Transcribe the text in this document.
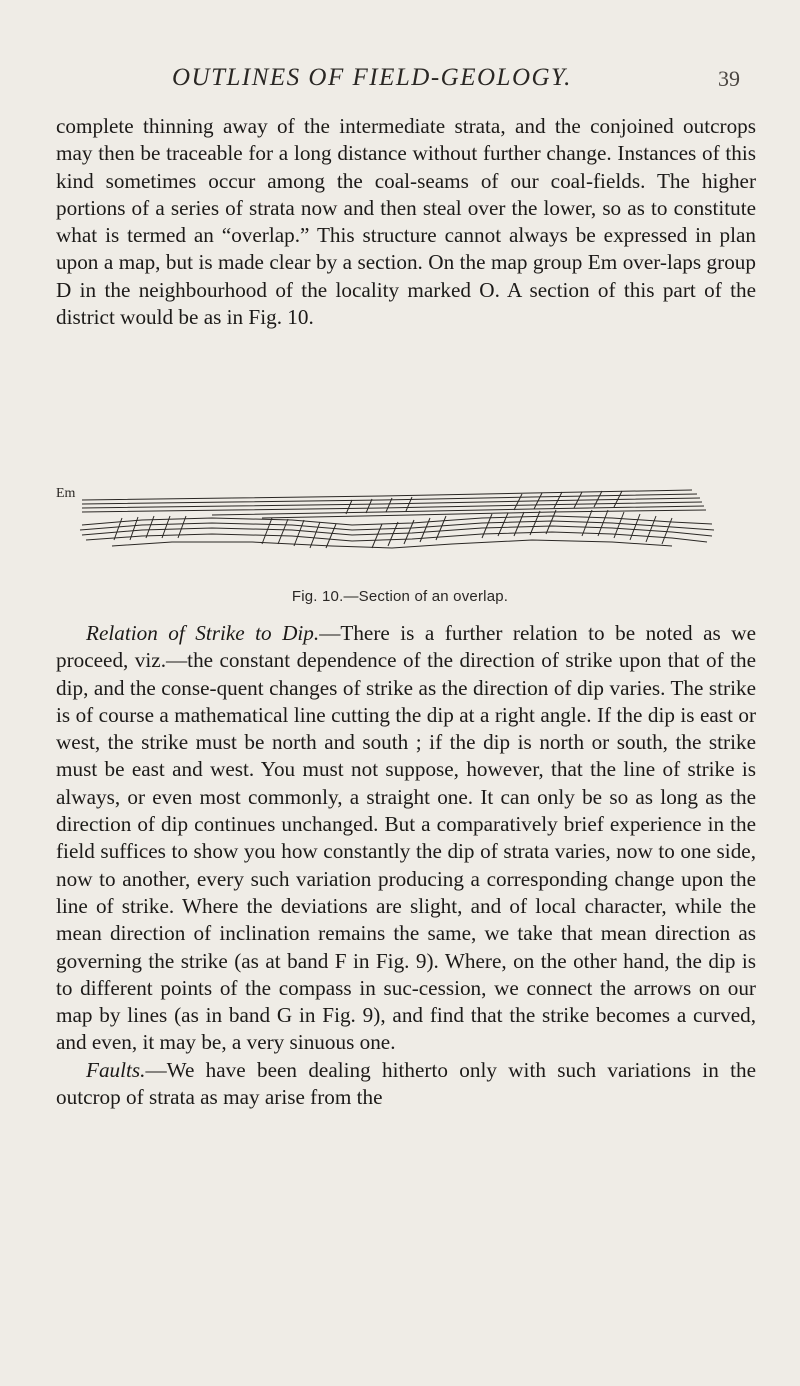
OUTLINES OF FIELD-GEOLOGY.	39

complete thinning away of the intermediate strata, and the conjoined outcrops may then be traceable for a long distance without further change. Instances of this kind sometimes occur among the coal-seams of our coal-fields. The higher portions of a series of strata now and then steal over the lower, so as to constitute what is termed an “overlap.” This structure cannot always be expressed in plan upon a map, but is made clear by a section. On the map group Em over-laps group D in the neighbourhood of the locality marked O. A section of this part of the district would be as in Fig. 10.

Em
Fig. 10.—Section of an overlap.

Relation of Strike to Dip.—There is a further relation to be noted as we proceed, viz.—the constant dependence of the direction of strike upon that of the dip, and the conse-quent changes of strike as the direction of dip varies. The strike is of course a mathematical line cutting the dip at a right angle. If the dip is east or west, the strike must be north and south ; if the dip is north or south, the strike must be east and west. You must not suppose, however, that the line of strike is always, or even most commonly, a straight one. It can only be so as long as the direction of dip continues unchanged. But a comparatively brief experience in the field suffices to show you how constantly the dip of strata varies, now to one side, now to another, every such variation producing a corresponding change upon the line of strike. Where the deviations are slight, and of local character, while the mean direction of inclination remains the same, we take that mean direction as governing the strike (as at band F in Fig. 9). Where, on the other hand, the dip is to different points of the compass in suc-cession, we connect the arrows on our map by lines (as in band G in Fig. 9), and find that the strike becomes a curved, and even, it may be, a very sinuous one.

Faults.—We have been dealing hitherto only with such variations in the outcrop of strata as may arise from the
